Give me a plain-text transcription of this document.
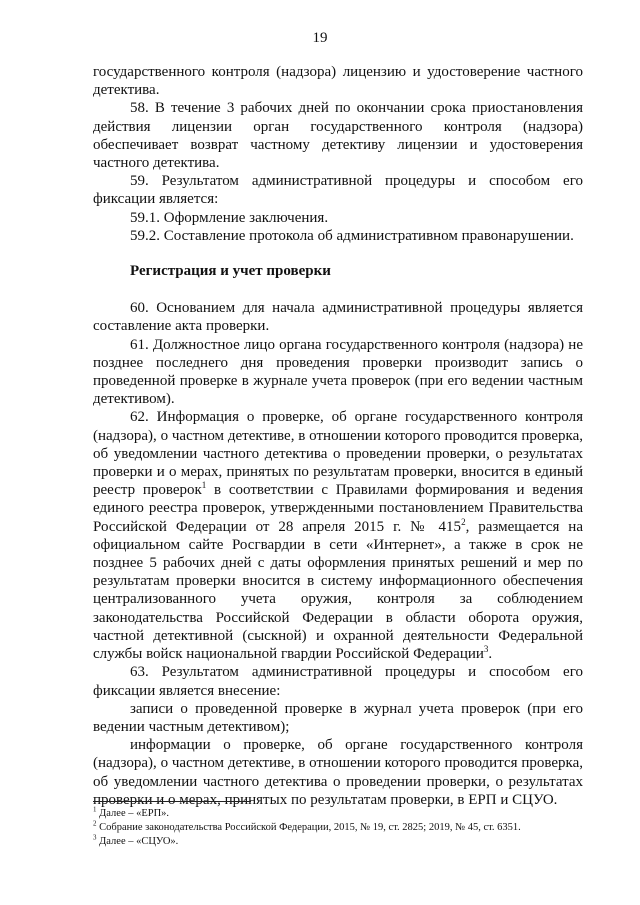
19

государственного контроля (надзора) лицензию и удостоверение частного детектива.

58. В течение 3 рабочих дней по окончании срока приостановления действия лицензии орган государственного контроля (надзора) обеспечивает возврат частному детективу лицензии и удостоверения частного детектива.

59. Результатом административной процедуры и способом его фиксации является:

59.1. Оформление заключения.

59.2. Составление протокола об административном правонарушении.

Регистрация и учет проверки

60. Основанием для начала административной процедуры является составление акта проверки.

61. Должностное лицо органа государственного контроля (надзора) не позднее последнего дня проведения проверки производит запись о проведенной проверке в журнале учета проверок (при его ведении частным детективом).

62. Информация о проверке, об органе государственного контроля (надзора), о частном детективе, в отношении которого проводится проверка, об уведомлении частного детектива о проведении проверки, о результатах проверки и о мерах, принятых по результатам проверки, вносится в единый реестр проверок$^1$ в соответствии с Правилами формирования и ведения единого реестра проверок, утвержденными постановлением Правительства Российской Федерации от 28 апреля 2015 г. № $415^2$, размещается на официальном сайте Росгвардии в сети «Интернет», а также в срок не позднее 5 рабочих дней с даты оформления принятых решений и мер по результатам проверки вносится в систему информационного обеспечения централизованного учета оружия, контроля за соблюдением законодательства Российской Федерации в области оборота оружия, частной детективной (сыскной) и охранной деятельности Федеральной службы войск национальной гвардии Российской Федерации$^3$.

63. Результатом административной процедуры и способом его фиксации является внесение:

записи о проведенной проверке в журнал учета проверок (при его ведении частным детективом);

информации о проверке, об органе государственного контроля (надзора), о частном детективе, в отношении которого проводится проверка, об уведомлении частного детектива о проведении проверки, о результатах проверки и о мерах, принятых по результатам проверки, в ЕРП и СЦУО.

$^1$ Далее – «ЕРП».

$^2$ Собрание законодательства Российской Федерации, 2015, № 19, ст. 2825; 2019, № 45, ст. 6351.

$^3$ Далее – «СЦУО».
